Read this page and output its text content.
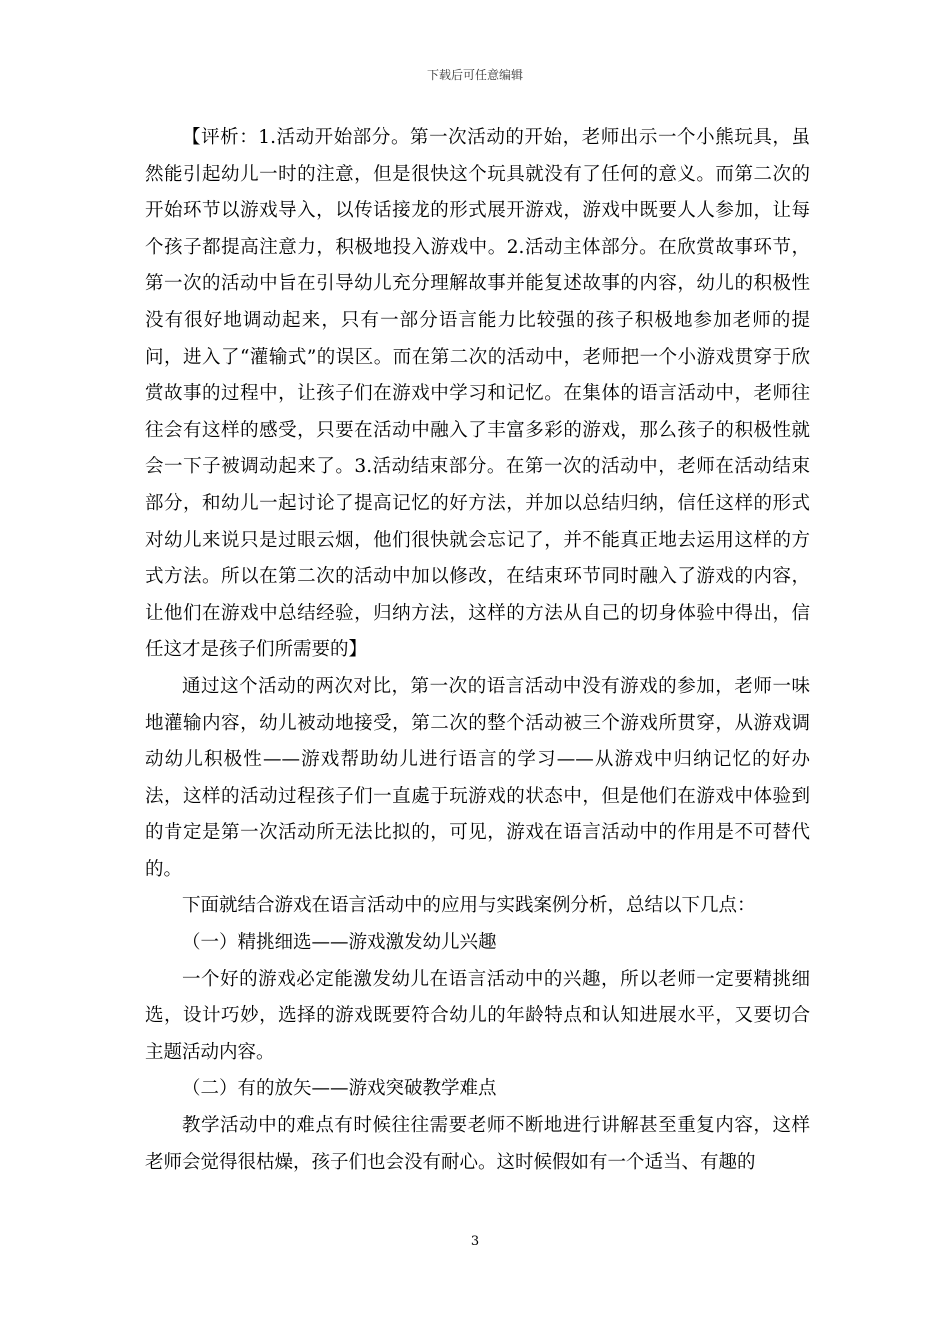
下载后可任意编辑

【评析：1.活动开始部分。第一次活动的开始，老师出示一个小熊玩具，虽然能引起幼儿一时的注意，但是很快这个玩具就没有了任何的意义。而第二次的开始环节以游戏导入，以传话接龙的形式展开游戏，游戏中既要人人参加，让每个孩子都提高注意力，积极地投入游戏中。2.活动主体部分。在欣赏故事环节，第一次的活动中旨在引导幼儿充分理解故事并能复述故事的内容，幼儿的积极性没有很好地调动起来，只有一部分语言能力比较强的孩子积极地参加老师的提问，进入了“灌输式”的误区。而在第二次的活动中，老师把一个小游戏贯穿于欣赏故事的过程中，让孩子们在游戏中学习和记忆。在集体的语言活动中，老师往往会有这样的感受，只要在活动中融入了丰富多彩的游戏，那么孩子的积极性就会一下子被调动起来了。3.活动结束部分。在第一次的活动中，老师在活动结束部分，和幼儿一起讨论了提高记忆的好方法，并加以总结归纳，信任这样的形式对幼儿来说只是过眼云烟，他们很快就会忘记了，并不能真正地去运用这样的方式方法。所以在第二次的活动中加以修改，在结束环节同时融入了游戏的内容，让他们在游戏中总结经验，归纳方法，这样的方法从自己的切身体验中得出，信任这才是孩子们所需要的】

通过这个活动的两次对比，第一次的语言活动中没有游戏的参加，老师一味地灌输内容，幼儿被动地接受，第二次的整个活动被三个游戏所贯穿，从游戏调动幼儿积极性——游戏帮助幼儿进行语言的学习——从游戏中归纳记忆的好办法，这样的活动过程孩子们一直處于玩游戏的状态中，但是他们在游戏中体验到的肯定是第一次活动所无法比拟的，可见，游戏在语言活动中的作用是不可替代的。

下面就结合游戏在语言活动中的应用与实践案例分析，总结以下几点：

（一）精挑细选——游戏激发幼儿兴趣

一个好的游戏必定能激发幼儿在语言活动中的兴趣，所以老师一定要精挑细选，设计巧妙，选择的游戏既要符合幼儿的年龄特点和认知进展水平，又要切合主题活动内容。

（二）有的放矢——游戏突破教学难点

教学活动中的难点有时候往往需要老师不断地进行讲解甚至重复内容，这样老师会觉得很枯燥，孩子们也会没有耐心。这时候假如有一个适当、有趣的

3
